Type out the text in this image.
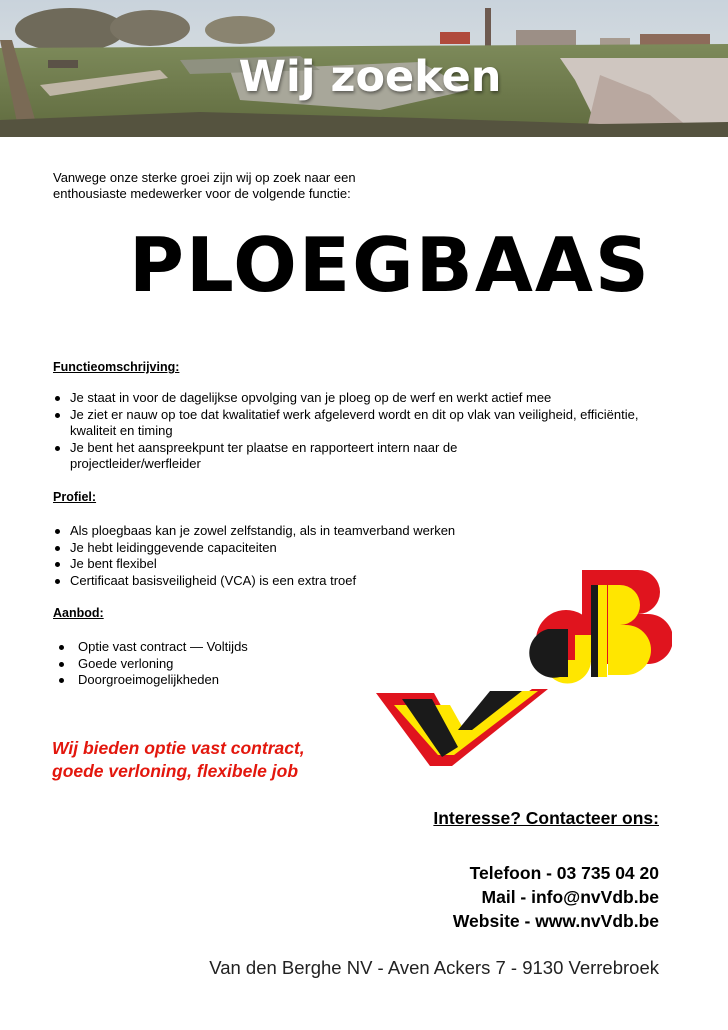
Wij zoeken
Vanwege onze sterke groei zijn wij op zoek naar een
enthousiaste medewerker voor de volgende functie:
PLOEGBAAS
Functieomschrijving:
Je staat in voor de dagelijkse opvolging van je ploeg op de werf en werkt actief mee
Je ziet er nauw op toe dat kwalitatief werk afgeleverd wordt en dit op vlak van veiligheid, efficiëntie, kwaliteit en timing
Je bent het aanspreekpunt ter plaatse en rapporteert intern naar de projectleider/werfleider
Profiel:
Als ploegbaas kan je zowel zelfstandig, als in teamverband werken
Je hebt leidinggevende capaciteiten
Je bent flexibel
Certificaat basisveiligheid (VCA) is een extra troef
Aanbod:
Optie vast contract — Voltijds
Goede verloning
Doorgroeimogelijkheden
Wij bieden optie vast contract,
goede verloning, flexibele job
Interesse? Contacteer ons:
Telefoon - 03 735 04 20
Mail - info@nvVdb.be
Website - www.nvVdb.be
Van den Berghe NV - Aven Ackers 7 - 9130 Verrebroek
